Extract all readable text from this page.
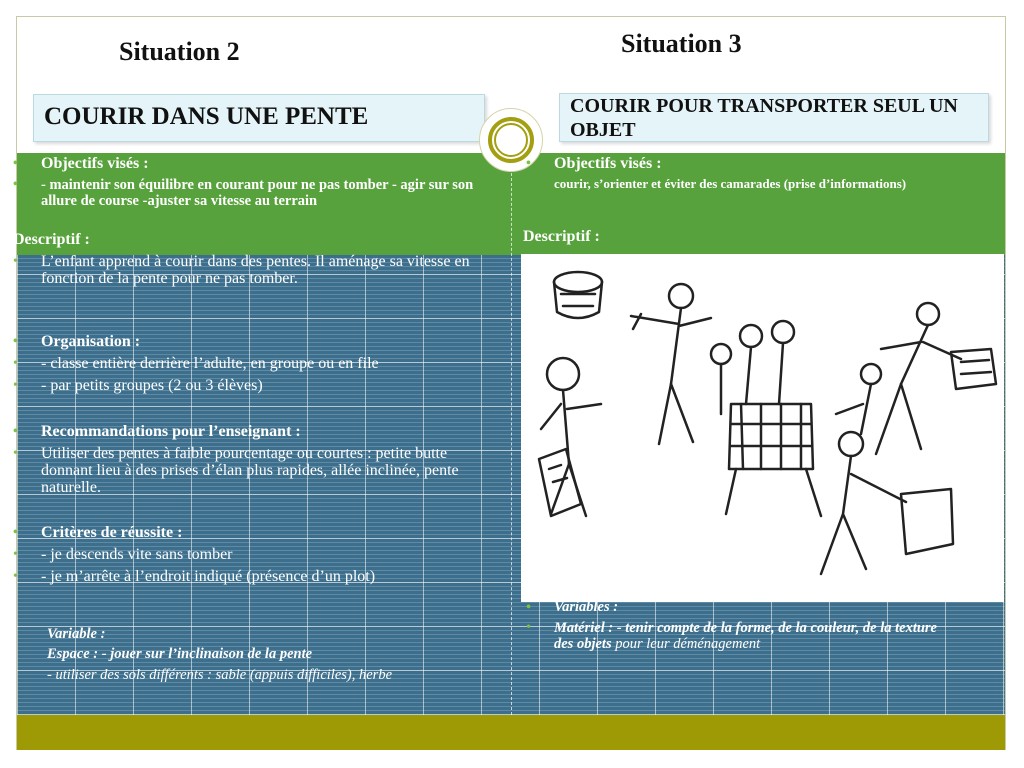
Situation 2	Situation 3
COURIR DANS UNE PENTE	COURIR POUR TRANSPORTER SEUL UN OBJET
• Objectifs visés :
• - maintenir son équilibre en courant pour ne pas tomber - agir sur son allure de course -ajuster sa vitesse au terrain
Descriptif :
• L’enfant apprend à courir dans des pentes. Il aménage sa vitesse en fonction de la pente pour ne pas tomber.
• Organisation :
• - classe entière derrière l’adulte, en groupe ou en file
• - par petits groupes (2 ou 3 élèves)
• Recommandations pour l’enseignant :
• Utiliser des pentes à faible pourcentage ou courtes : petite butte donnant lieu à des prises d’élan plus rapides, allée inclinée, pente naturelle.
• Critères de réussite :
• - je descends vite sans tomber
• - je m’arrête à l’endroit indiqué (présence d’un plot)
Variable :
Espace : - jouer sur l’inclinaison de la pente
- utiliser des sols différents : sable (appuis difficiles), herbe
• Objectifs visés :
courir, s’orienter et éviter des camarades (prise d’informations)
Descriptif :
• Variables :
• Matériel : - tenir compte de la forme, de la couleur, de la texture des objets pour leur déménagement
